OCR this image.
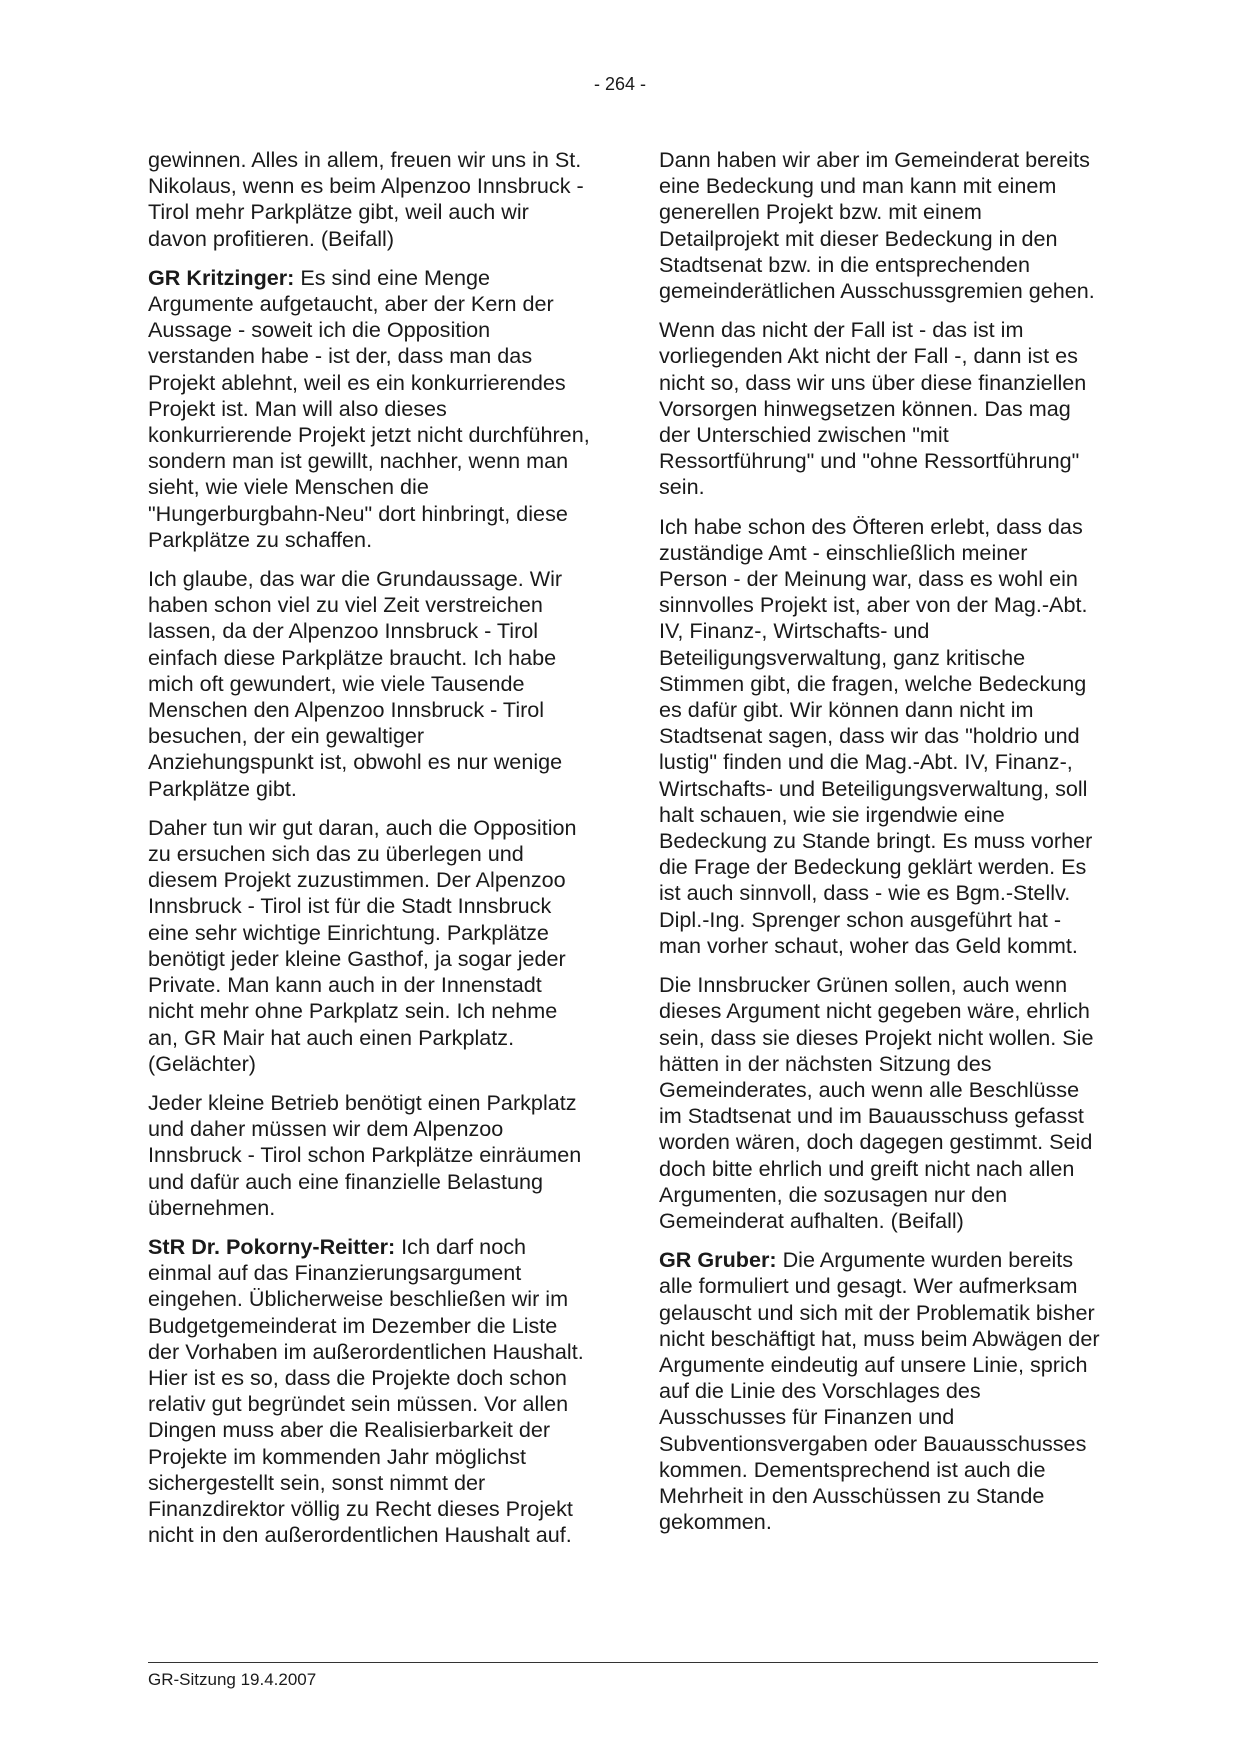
- 264 -

gewinnen. Alles in allem, freuen wir uns in St. Nikolaus, wenn es beim Alpenzoo Innsbruck - Tirol mehr Parkplätze gibt, weil auch wir davon profitieren. (Beifall)

GR Kritzinger: Es sind eine Menge Argumente aufgetaucht, aber der Kern der Aussage - soweit ich die Opposition verstanden habe - ist der, dass man das Projekt ablehnt, weil es ein konkurrierendes Projekt ist. Man will also dieses konkurrierende Projekt jetzt nicht durchführen, sondern man ist gewillt, nachher, wenn man sieht, wie viele Menschen die "Hungerburgbahn-Neu" dort hinbringt, diese Parkplätze zu schaffen.

Ich glaube, das war die Grundaussage. Wir haben schon viel zu viel Zeit verstreichen lassen, da der Alpenzoo Innsbruck - Tirol einfach diese Parkplätze braucht. Ich habe mich oft gewundert, wie viele Tausende Menschen den Alpenzoo Innsbruck - Tirol besuchen, der ein gewaltiger Anziehungspunkt ist, obwohl es nur wenige Parkplätze gibt.

Daher tun wir gut daran, auch die Opposition zu ersuchen sich das zu überlegen und diesem Projekt zuzustimmen. Der Alpenzoo Innsbruck - Tirol ist für die Stadt Innsbruck eine sehr wichtige Einrichtung. Parkplätze benötigt jeder kleine Gasthof, ja sogar jeder Private. Man kann auch in der Innenstadt nicht mehr ohne Parkplatz sein. Ich nehme an, GR Mair hat auch einen Parkplatz. (Gelächter)

Jeder kleine Betrieb benötigt einen Parkplatz und daher müssen wir dem Alpenzoo Innsbruck - Tirol schon Parkplätze einräumen und dafür auch eine finanzielle Belastung übernehmen.

StR Dr. Pokorny-Reitter: Ich darf noch einmal auf das Finanzierungsargument eingehen. Üblicherweise beschließen wir im Budgetgemeinderat im Dezember die Liste der Vorhaben im außerordentlichen Haushalt. Hier ist es so, dass die Projekte doch schon relativ gut begründet sein müssen. Vor allen Dingen muss aber die Realisierbarkeit der Projekte im kommenden Jahr möglichst sichergestellt sein, sonst nimmt der Finanzdirektor völlig zu Recht dieses Projekt nicht in den außerordentlichen Haushalt auf.

Dann haben wir aber im Gemeinderat bereits eine Bedeckung und man kann mit einem generellen Projekt bzw. mit einem Detailprojekt mit dieser Bedeckung in den Stadtsenat bzw. in die entsprechenden gemeinderätlichen Ausschussgremien gehen.

Wenn das nicht der Fall ist - das ist im vorliegenden Akt nicht der Fall -, dann ist es nicht so, dass wir uns über diese finanziellen Vorsorgen hinwegsetzen können. Das mag der Unterschied zwischen "mit Ressortführung" und "ohne Ressortführung" sein.

Ich habe schon des Öfteren erlebt, dass das zuständige Amt - einschließlich meiner Person - der Meinung war, dass es wohl ein sinnvolles Projekt ist, aber von der Mag.-Abt. IV, Finanz-, Wirtschafts- und Beteiligungsverwaltung, ganz kritische Stimmen gibt, die fragen, welche Bedeckung es dafür gibt. Wir können dann nicht im Stadtsenat sagen, dass wir das "holdrio und lustig" finden und die Mag.-Abt. IV, Finanz-, Wirtschafts- und Beteiligungsverwaltung, soll halt schauen, wie sie irgendwie eine Bedeckung zu Stande bringt. Es muss vorher die Frage der Bedeckung geklärt werden. Es ist auch sinnvoll, dass - wie es Bgm.-Stellv. Dipl.-Ing. Sprenger schon ausgeführt hat - man vorher schaut, woher das Geld kommt.

Die Innsbrucker Grünen sollen, auch wenn dieses Argument nicht gegeben wäre, ehrlich sein, dass sie dieses Projekt nicht wollen. Sie hätten in der nächsten Sitzung des Gemeinderates, auch wenn alle Beschlüsse im Stadtsenat und im Bauausschuss gefasst worden wären, doch dagegen gestimmt. Seid doch bitte ehrlich und greift nicht nach allen Argumenten, die sozusagen nur den Gemeinderat aufhalten. (Beifall)

GR Gruber: Die Argumente wurden bereits alle formuliert und gesagt. Wer aufmerksam gelauscht und sich mit der Problematik bisher nicht beschäftigt hat, muss beim Abwägen der Argumente eindeutig auf unsere Linie, sprich auf die Linie des Vorschlages des Ausschusses für Finanzen und Subventionsvergaben oder Bauausschusses kommen. Dementsprechend ist auch die Mehrheit in den Ausschüssen zu Stande gekommen.

GR-Sitzung 19.4.2007
